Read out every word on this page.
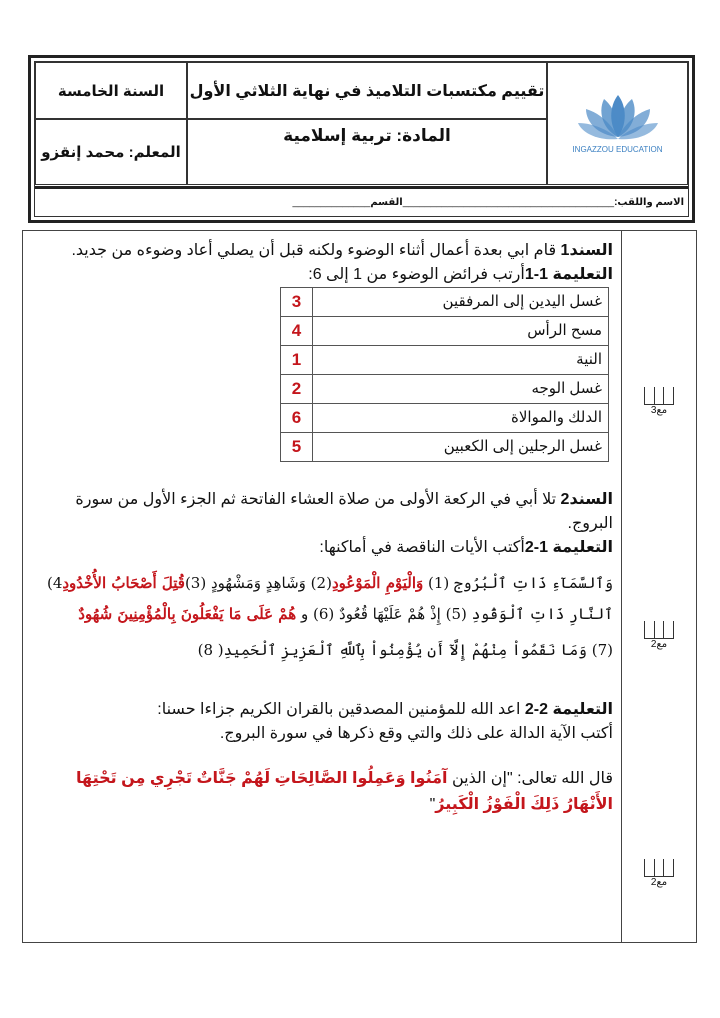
السنة الخامسة
المعلم: محمد إنقزو
تقييم مكتسبات التلاميذ في نهاية الثلاثي الأول
المادة: تربية إسلامية
INGAZZOU EDUCATION
الاسم واللقب:
______________________________________
القسم
______________
مع3
مع2
مع2
السند1 قام ابي بعدة أعمال أثناء الوضوء ولكنه قبل أن يصلي أعاد وضوءه من جديد.
التعليمة 1-1أرتب فرائض الوضوء من 1 إلى 6:
غسل اليدين إلى المرفقين	3
مسح الرأس	4
النية	1
غسل الوجه	2
الدلك والموالاة	6
غسل الرجلين إلى الكعبين	5
السند2 تلا أبي في الركعة الأولى من صلاة العشاء الفاتحة ثم الجزء الأول من سورة البروج.
التعليمة 1-2أكتب الأيات الناقصة في أماكنها:
وَٱلسَّمَآءِ ذَاتِ ٱلْبُرُوج (1) وَالْيَوْمِ الْمَوْعُودِ(2) وَشَاهِدٍ وَمَشْهُودٍ (3)قُتِلَ أَصْحَابُ الأُخْدُودِ4) ٱلنَّارِ ذَاتِ ٱلْوَقُودِ (5) إِذْ هُمْ عَلَيْهَا قُعُودٌ (6) و هُمْ عَلَى مَا يَفْعَلُونَ بِالْمُؤْمِنِينَ شُهُودٌ
(7) وَمَا نَقَمُواْ مِنْهُمْ إِلَّآ أَن يُؤْمِنُواْ بِٱللَّهِ ٱلْعَزِيزِ ٱلْحَمِيدِ( 8)
التعليمة 2-2 اعد الله للمؤمنين المصدقين بالقران الكريم جزاءا حسنا:
أكتب الآية الدالة على ذلك والتي وقع ذكرها في سورة البروج.
قال الله تعالى: "إن الذين آمَنُوا وَعَمِلُوا الصَّالِحَاتِ لَهُمْ جَنَّاتٌ تَجْرِي مِن تَحْتِهَا الأَنْهَارُ ذَلِكَ الْفَوْزُ الْكَبِيرُ"
